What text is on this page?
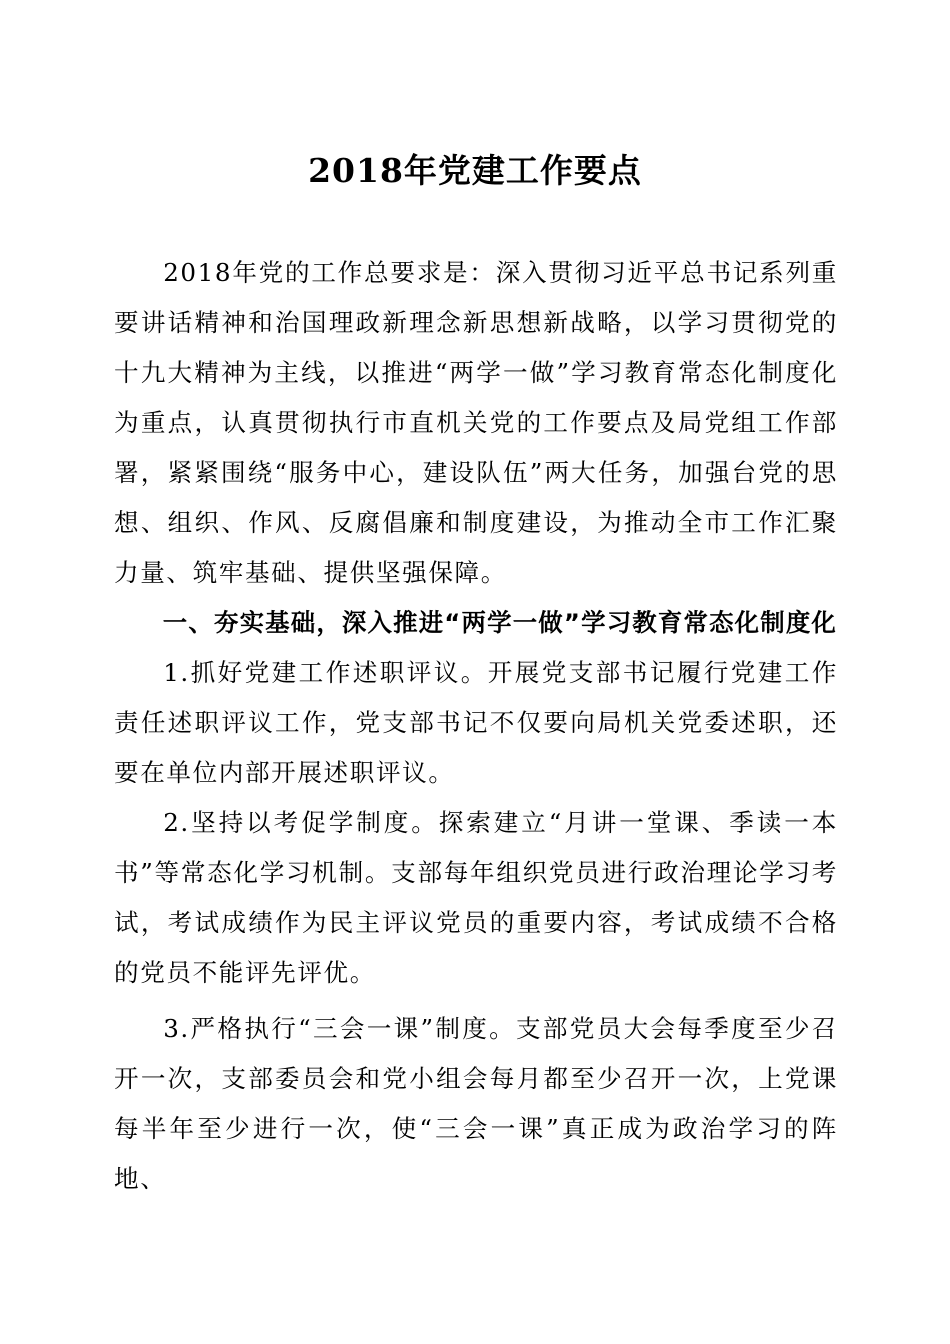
2018年党建工作要点

2018年党的工作总要求是：深入贯彻习近平总书记系列重要讲话精神和治国理政新理念新思想新战略，以学习贯彻党的十九大精神为主线，以推进“两学一做”学习教育常态化制度化为重点，认真贯彻执行市直机关党的工作要点及局党组工作部署，紧紧围绕“服务中心，建设队伍”两大任务，加强台党的思想、组织、作风、反腐倡廉和制度建设，为推动全市工作汇聚力量、筑牢基础、提供坚强保障。

一、夯实基础，深入推进“两学一做”学习教育常态化制度化

1.抓好党建工作述职评议。开展党支部书记履行党建工作责任述职评议工作，党支部书记不仅要向局机关党委述职，还要在单位内部开展述职评议。

2.坚持以考促学制度。探索建立“月讲一堂课、季读一本书”等常态化学习机制。支部每年组织党员进行政治理论学习考试，考试成绩作为民主评议党员的重要内容，考试成绩不合格的党员不能评先评优。

3.严格执行“三会一课”制度。支部党员大会每季度至少召开一次，支部委员会和党小组会每月都至少召开一次，上党课每半年至少进行一次，使“三会一课”真正成为政治学习的阵地、
